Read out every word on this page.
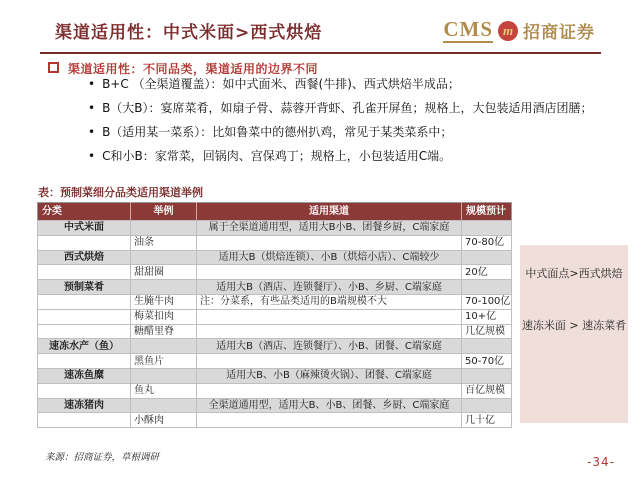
渠道适用性：中式米面>西式烘焙	CMS m 招商证券
渠道适用性：不同品类，渠道适用的边界不同
• B+C （全渠道覆盖）：如中式面米、西餐(牛排)、西式烘焙半成品；
• B（大B）：宴席菜肴，如扇子骨、蒜蓉开背虾、孔雀开屏鱼；规格上，大包装适用酒店团膳；
• B（适用某一菜系）：比如鲁菜中的德州扒鸡，常见于某类菜系中；
• C和小B：家常菜，回锅肉、宫保鸡丁；规格上，小包装适用C端。
表：预制菜细分品类适用渠道举例
分类	举例	适用渠道	规模预计
中式米面		属于全渠道通用型，适用大B小B、团餐乡厨，C端家庭	
	油条		70-80亿
西式烘焙		适用大B（烘焙连锁）、小B（烘焙小店）、C端较少	
	甜甜圈		20亿
预制菜肴		适用大B（酒店、连锁餐厅）、小B、乡厨、C端家庭	
	生腌牛肉	注：分菜系，有些品类适用的B端规模不大	70-100亿
	梅菜扣肉		10+亿
	糖醋里脊		几亿规模
速冻水产（鱼）		适用大B（酒店、连锁餐厅）、小B、团餐、C端家庭	
	黑鱼片		50-70亿
速冻鱼糜		适用大B、小B（麻辣烫火锅）、团餐、C端家庭	
	鱼丸		百亿规模
速冻猪肉		全渠道通用型，适用大B、小B、团餐、乡厨、C端家庭	
	小酥肉		几十亿
中式面点>西式烘焙
速冻米面 > 速冻菜肴
来源：招商证券，草根调研	-34-
